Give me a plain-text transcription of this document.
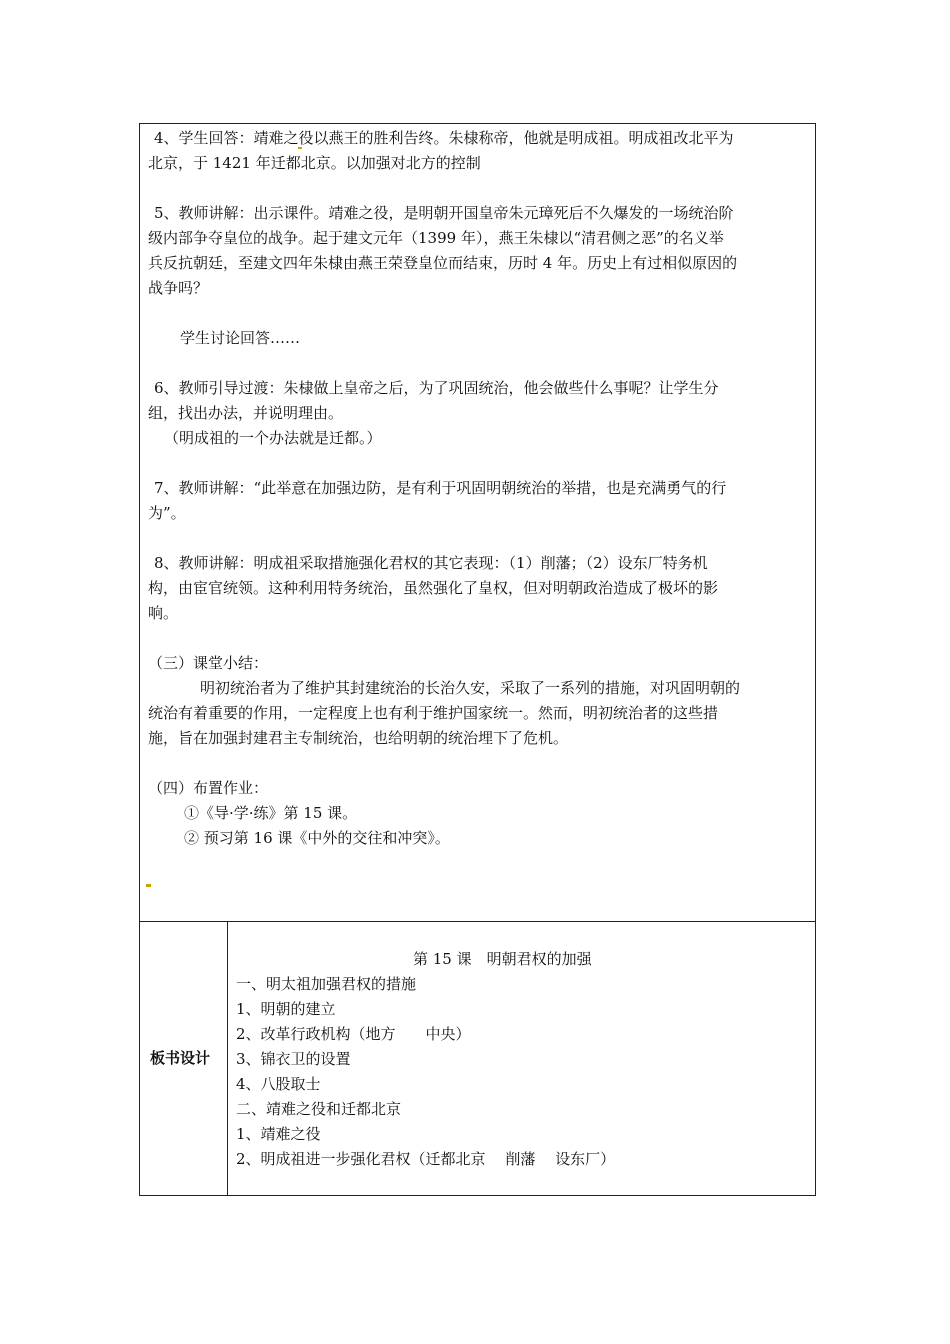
4、学生回答：靖难之役以燕王的胜利告终。朱棣称帝，他就是明成祖。明成祖改北平为
北京，于 1421 年迁都北京。以加强对北方的控制
5、教师讲解：出示课件。靖难之役，是明朝开国皇帝朱元璋死后不久爆发的一场统治阶
级内部争夺皇位的战争。起于建文元年（1399 年），燕王朱棣以“清君侧之恶”的名义举
兵反抗朝廷，至建文四年朱棣由燕王荣登皇位而结束，历时 4 年。历史上有过相似原因的
战争吗？
学生讨论回答……
6、教师引导过渡：朱棣做上皇帝之后，为了巩固统治，他会做些什么事呢？让学生分
组，找出办法，并说明理由。
（明成祖的一个办法就是迁都。）
7、教师讲解：“此举意在加强边防，是有利于巩固明朝统治的举措，也是充满勇气的行
为”。
8、教师讲解：明成祖采取措施强化君权的其它表现：（1）削藩；（2）设东厂特务机
构，由宦官统领。这种利用特务统治，虽然强化了皇权，但对明朝政治造成了极坏的影
响。
（三）课堂小结：
明初统治者为了维护其封建统治的长治久安，采取了一系列的措施，对巩固明朝的
统治有着重要的作用，一定程度上也有利于维护国家统一。然而，明初统治者的这些措
施，旨在加强封建君主专制统治，也给明朝的统治埋下了危机。
（四）布置作业：
①《导·学·练》第 15 课。
② 预习第 16 课《中外的交往和冲突》。
板书设计
第 15 课　明朝君权的加强
一、明太祖加强君权的措施
1、明朝的建立
2、改革行政机构（地方　　中央）
3、锦衣卫的设置
4、八股取士
二、靖难之役和迁都北京
1、靖难之役
2、明成祖进一步强化君权（迁都北京　 削藩　 设东厂）
